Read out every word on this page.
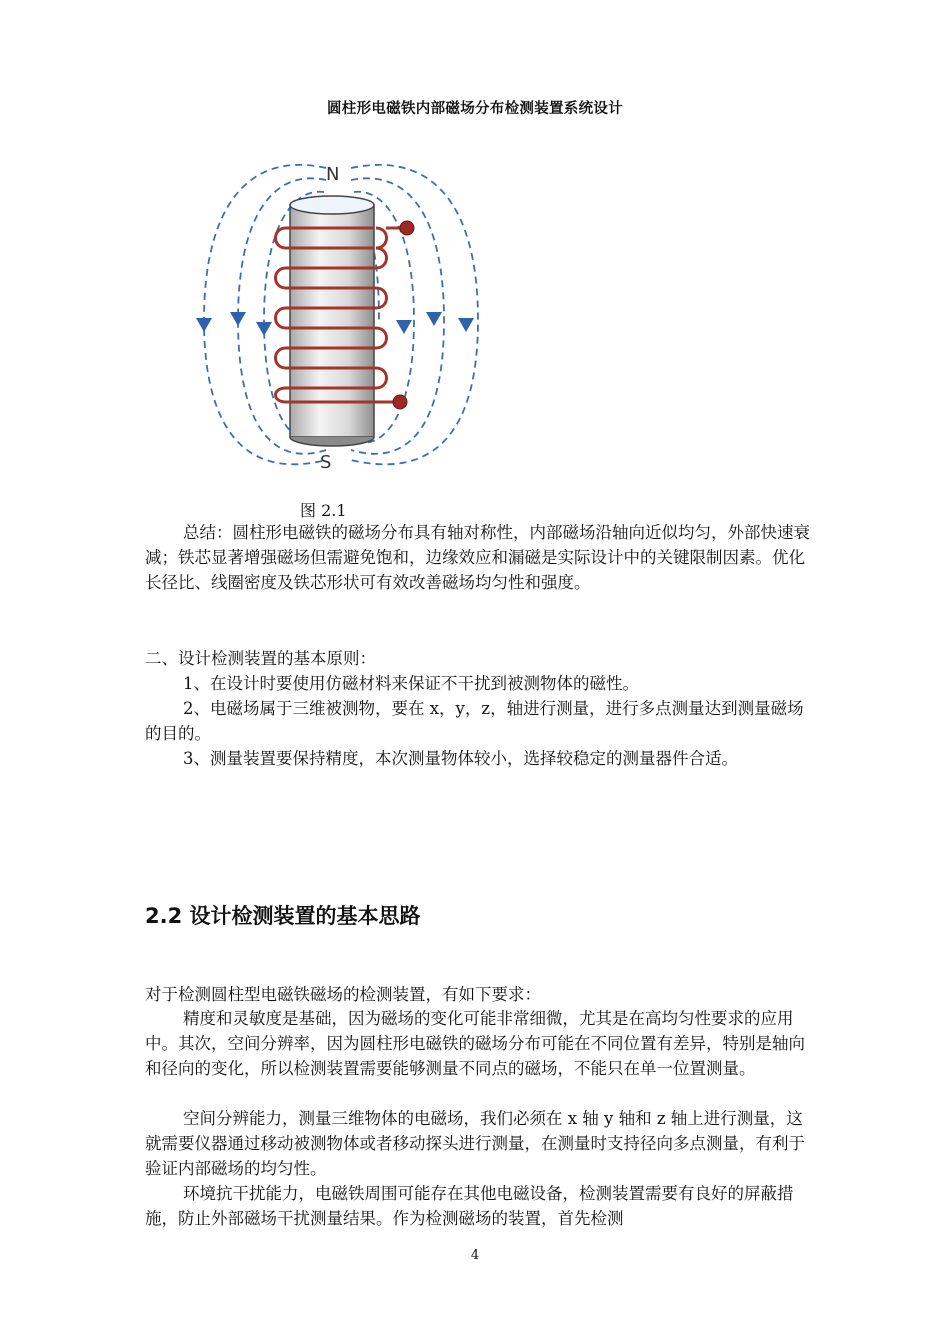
圆柱形电磁铁内部磁场分布检测装置系统设计
N
S
图 2.1

总结：圆柱形电磁铁的磁场分布具有轴对称性，内部磁场沿轴向近似均匀，外部快速衰减；铁芯显著增强磁场但需避免饱和，边缘效应和漏磁是实际设计中的关键限制因素。优化长径比、线圈密度及铁芯形状可有效改善磁场均匀性和强度。

二、设计检测装置的基本原则：

1、在设计时要使用仿磁材料来保证不干扰到被测物体的磁性。

2、电磁场属于三维被测物，要在 x，y，z，轴进行测量，进行多点测量达到测量磁场的目的。

3、测量装置要保持精度，本次测量物体较小，选择较稳定的测量器件合适。

2.2 设计检测装置的基本思路

对于检测圆柱型电磁铁磁场的检测装置，有如下要求：

精度和灵敏度是基础，因为磁场的变化可能非常细微，尤其是在高均匀性要求的应用中。其次，空间分辨率，因为圆柱形电磁铁的磁场分布可能在不同位置有差异，特别是轴向和径向的变化，所以检测装置需要能够测量不同点的磁场，不能只在单一位置测量。

空间分辨能力，测量三维物体的电磁场，我们必须在 x 轴 y 轴和 z 轴上进行测量，这就需要仪器通过移动被测物体或者移动探头进行测量，在测量时支持径向多点测量，有利于验证内部磁场的均匀性。

环境抗干扰能力，电磁铁周围可能存在其他电磁设备，检测装置需要有良好的屏蔽措施，防止外部磁场干扰测量结果。作为检测磁场的装置，首先检测

4
